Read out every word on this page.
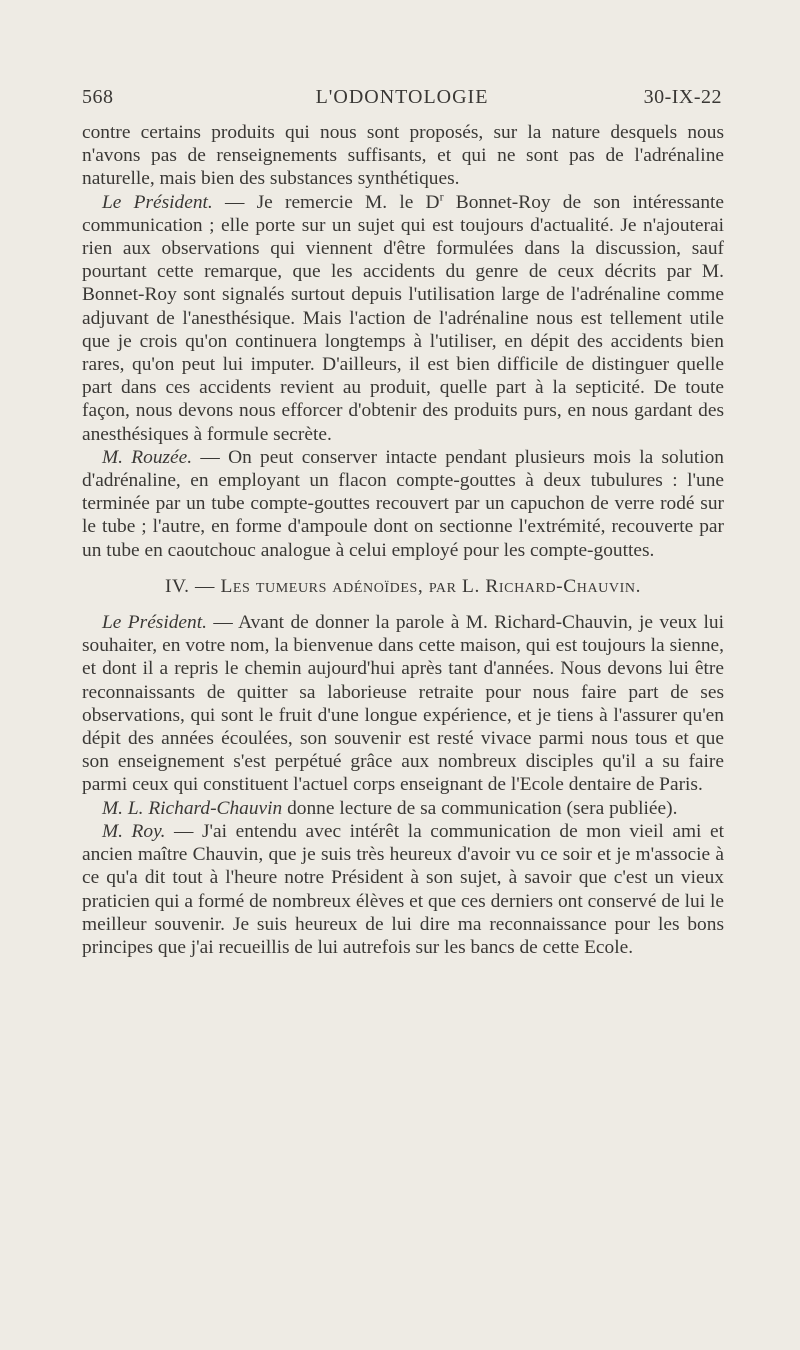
568	L'ODONTOLOGIE	30-IX-22

contre certains produits qui nous sont proposés, sur la nature desquels nous n'avons pas de renseignements suffisants, et qui ne sont pas de l'adrénaline naturelle, mais bien des substances synthétiques.

Le Président. — Je remercie M. le $D^r$ Bonnet-Roy de son intéressante communication ; elle porte sur un sujet qui est toujours d'actualité. Je n'ajouterai rien aux observations qui viennent d'être formulées dans la discussion, sauf pourtant cette remarque, que les accidents du genre de ceux décrits par M. Bonnet-Roy sont signalés surtout depuis l'utilisation large de l'adrénaline comme adjuvant de l'anesthésique. Mais l'action de l'adrénaline nous est tellement utile que je crois qu'on continuera longtemps à l'utiliser, en dépit des accidents bien rares, qu'on peut lui imputer. D'ailleurs, il est bien difficile de distinguer quelle part dans ces accidents revient au produit, quelle part à la septicité. De toute façon, nous devons nous efforcer d'obtenir des produits purs, en nous gardant des anesthésiques à formule secrète.

M. Rouzée. — On peut conserver intacte pendant plusieurs mois la solution d'adrénaline, en employant un flacon compte-gouttes à deux tubulures : l'une terminée par un tube compte-gouttes recouvert par un capuchon de verre rodé sur le tube ; l'autre, en forme d'ampoule dont on sectionne l'extrémité, recouverte par un tube en caoutchouc analogue à celui employé pour les compte-gouttes.

IV. — Les tumeurs adénoïdes, par L. Richard-Chauvin.

Le Président. — Avant de donner la parole à M. Richard-Chauvin, je veux lui souhaiter, en votre nom, la bienvenue dans cette maison, qui est toujours la sienne, et dont il a repris le chemin aujourd'hui après tant d'années. Nous devons lui être reconnaissants de quitter sa laborieuse retraite pour nous faire part de ses observations, qui sont le fruit d'une longue expérience, et je tiens à l'assurer qu'en dépit des années écoulées, son souvenir est resté vivace parmi nous tous et que son enseignement s'est perpétué grâce aux nombreux disciples qu'il a su faire parmi ceux qui constituent l'actuel corps enseignant de l'Ecole dentaire de Paris.

M. L. Richard-Chauvin donne lecture de sa communication (sera publiée).

M. Roy. — J'ai entendu avec intérêt la communication de mon vieil ami et ancien maître Chauvin, que je suis très heureux d'avoir vu ce soir et je m'associe à ce qu'a dit tout à l'heure notre Président à son sujet, à savoir que c'est un vieux praticien qui a formé de nombreux élèves et que ces derniers ont conservé de lui le meilleur souvenir. Je suis heureux de lui dire ma reconnaissance pour les bons principes que j'ai recueillis de lui autrefois sur les bancs de cette Ecole.
